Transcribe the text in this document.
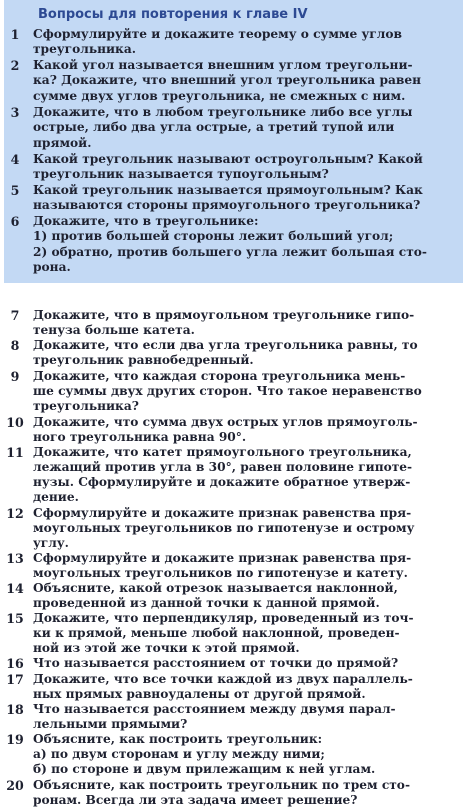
Вопросы для повторения к главе IV
1	Сформулируйте и докажите теорему о сумме углов
треугольника.
2	Какой угол называется внешним углом треугольни-
ка? Докажите, что внешний угол треугольника равен
сумме двух углов треугольника, не смежных с ним.
3	Докажите, что в любом треугольнике либо все углы
острые, либо два угла острые, а третий тупой или
прямой.
4	Какой треугольник называют остроугольным? Какой
треугольник называется тупоугольным?
5	Какой треугольник называется прямоугольным? Как
называются стороны прямоугольного треугольника?
6	Докажите, что в треугольнике:
1) против большей стороны лежит больший угол;
2) обратно, против большего угла лежит большая сто-
рона.
7	Докажите, что в прямоугольном треугольнике гипо-
тенуза больше катета.
8	Докажите, что если два угла треугольника равны, то
треугольник равнобедренный.
9	Докажите, что каждая сторона треугольника мень-
ше суммы двух других сторон. Что такое неравенство
треугольника?
10 Докажите, что сумма двух острых углов прямоуголь-
ного треугольника равна 90°.
11 Докажите, что катет прямоугольного треугольника,
лежащий против угла в 30°, равен половине гипоте-
нузы. Сформулируйте и докажите обратное утверж-
дение.
12 Сформулируйте и докажите признак равенства пря-
моугольных треугольников по гипотенузе и острому
углу.
13 Сформулируйте и докажите признак равенства пря-
моугольных треугольников по гипотенузе и катету.
14 Объясните, какой отрезок называется наклонной,
проведенной из данной точки к данной прямой.
15 Докажите, что перпендикуляр, проведенный из точ-
ки к прямой, меньше любой наклонной, проведен-
ной из этой же точки к этой прямой.
16 Что называется расстоянием от точки до прямой?
17 Докажите, что все точки каждой из двух параллель-
ных прямых равноудалены от другой прямой.
18 Что называется расстоянием между двумя парал-
лельными прямыми?
19 Объясните, как построить треугольник:
а) по двум сторонам и углу между ними;
б) по стороне и двум прилежащим к ней углам.
20 Объясните, как построить треугольник по трем сто-
ронам. Всегда ли эта задача имеет решение?
